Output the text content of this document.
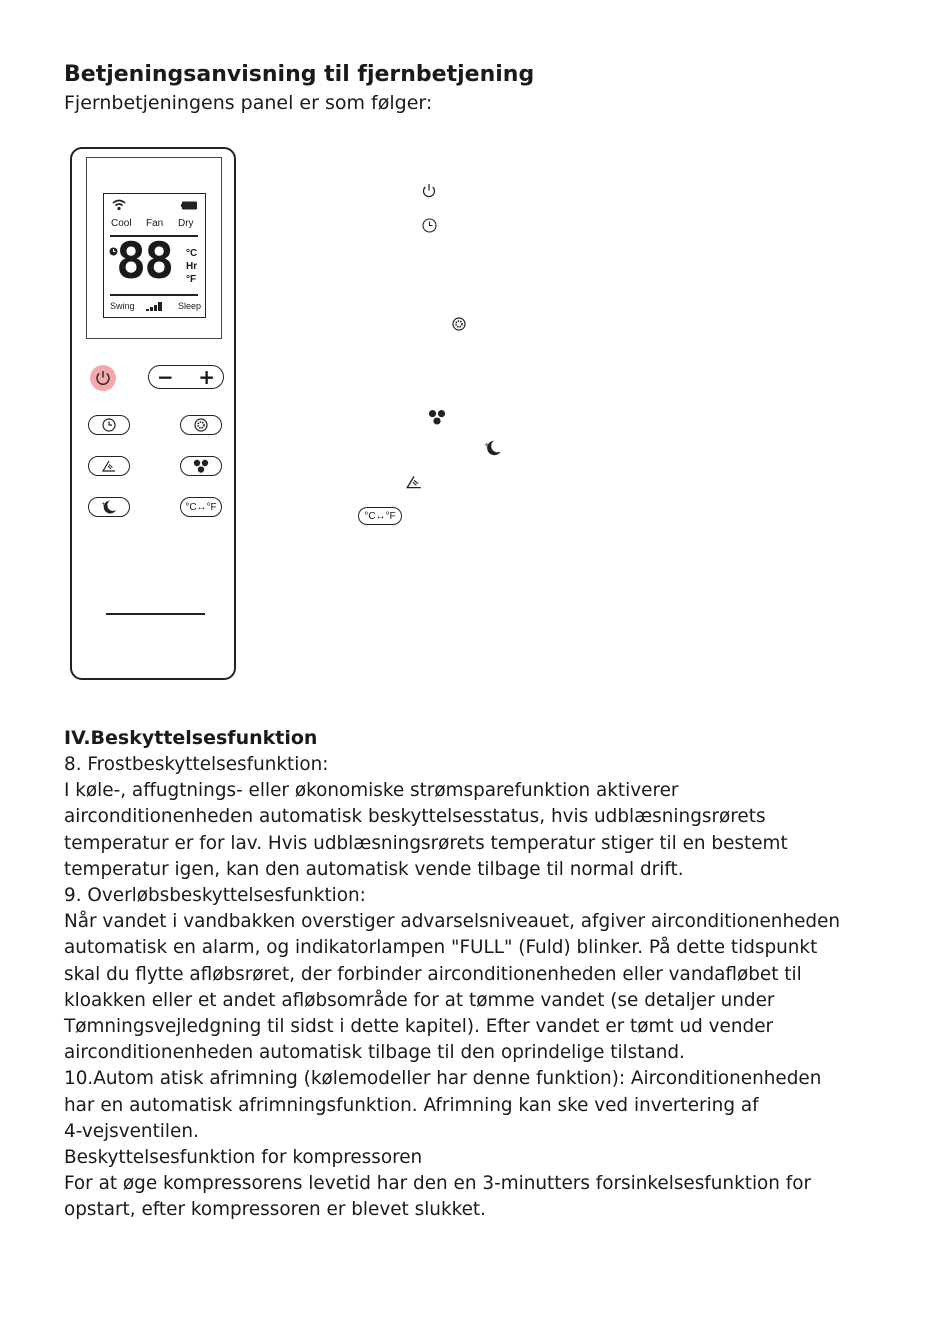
Betjeningsanvisning til fjernbetjening
Fjernbetjeningens panel er som følger:
Cool Fan Dry
88 °C
Hr
°F
Swing	Sleep
− +
+	°C↔°F
+
°C↔°F
IV.Beskyttelsesfunktion

8. Frostbeskyttelsesfunktion:

I køle-, affugtnings- eller økonomiske strømsparefunktion aktiverer

airconditionenheden automatisk beskyttelsesstatus, hvis udblæsningsrørets

temperatur er for lav. Hvis udblæsningsrørets temperatur stiger til en bestemt

temperatur igen, kan den automatisk vende tilbage til normal drift.

9. Overløbsbeskyttelsesfunktion:

Når vandet i vandbakken overstiger advarselsniveauet, afgiver airconditionenheden

automatisk en alarm, og indikatorlampen "FULL" (Fuld) blinker. På dette tidspunkt

skal du flytte afløbsrøret, der forbinder airconditionenheden eller vandafløbet til

kloakken eller et andet afløbsområde for at tømme vandet (se detaljer under

Tømningsvejledgning til sidst i dette kapitel). Efter vandet er tømt ud vender

airconditionenheden automatisk tilbage til den oprindelige tilstand.

10.Autom atisk afrimning (kølemodeller har denne funktion): Airconditionenheden

har en automatisk afrimningsfunktion. Afrimning kan ske ved invertering af

4-vejsventilen.

Beskyttelsesfunktion for kompressoren

For at øge kompressorens levetid har den en 3-minutters forsinkelsesfunktion for

opstart, efter kompressoren er blevet slukket.
